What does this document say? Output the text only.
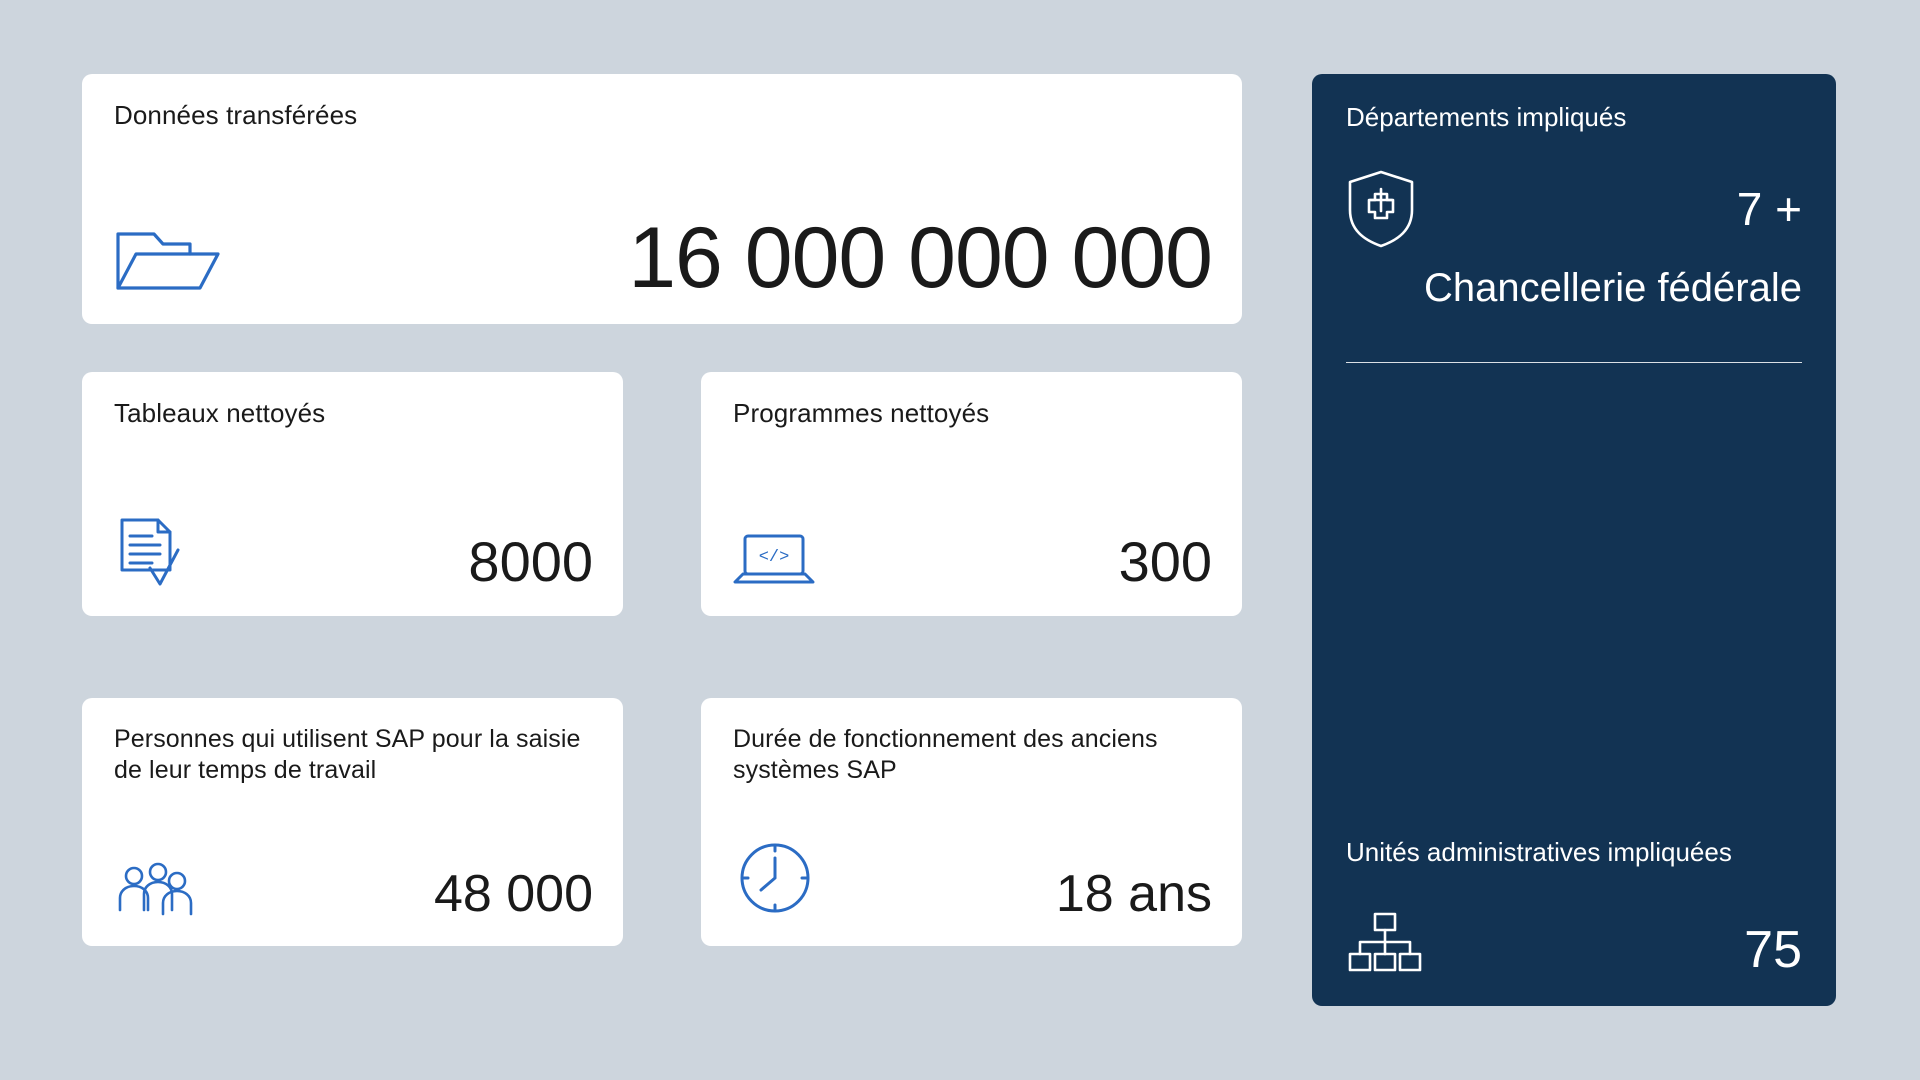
Données transférées
16 000 000 000
Tableaux nettoyés
8000
Programmes nettoyés
</>	300
Personnes qui utilisent SAP pour la saisie de leur temps de travail
48 000
Durée de fonctionnement des anciens systèmes SAP
18 ans
Départements impliqués
7 +
Chancellerie fédérale
Unités administratives impliquées
75
